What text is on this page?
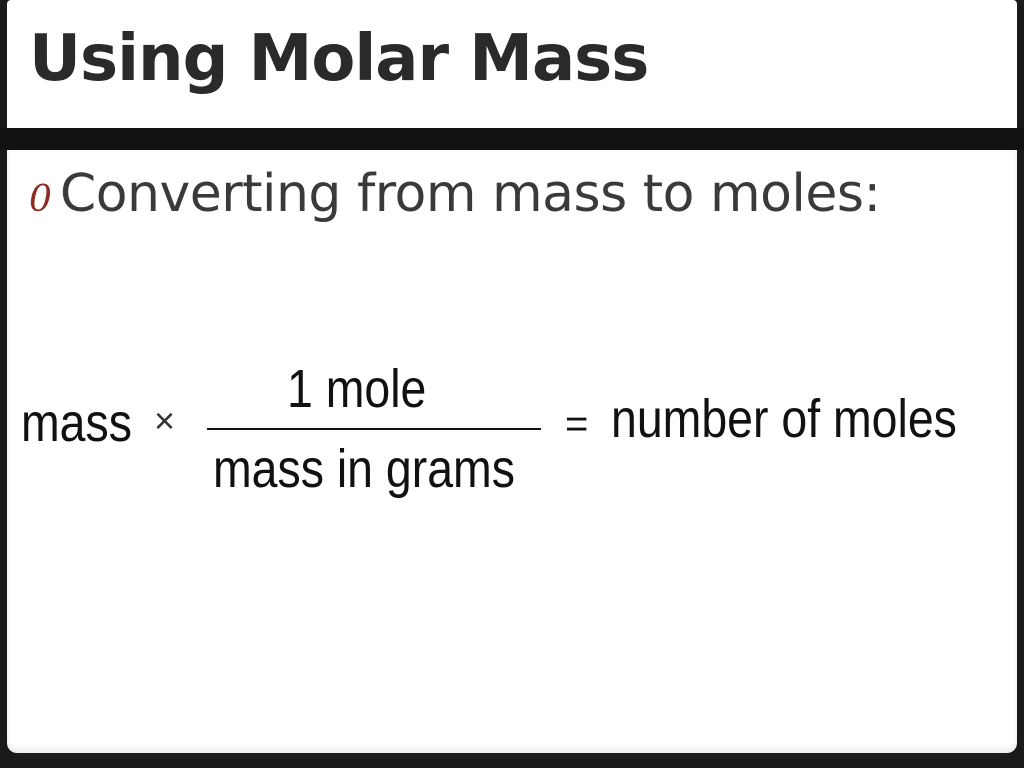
Using Molar Mass
0 Converting from mass to moles:
mass ×
1 mole
mass in grams
= number of moles
